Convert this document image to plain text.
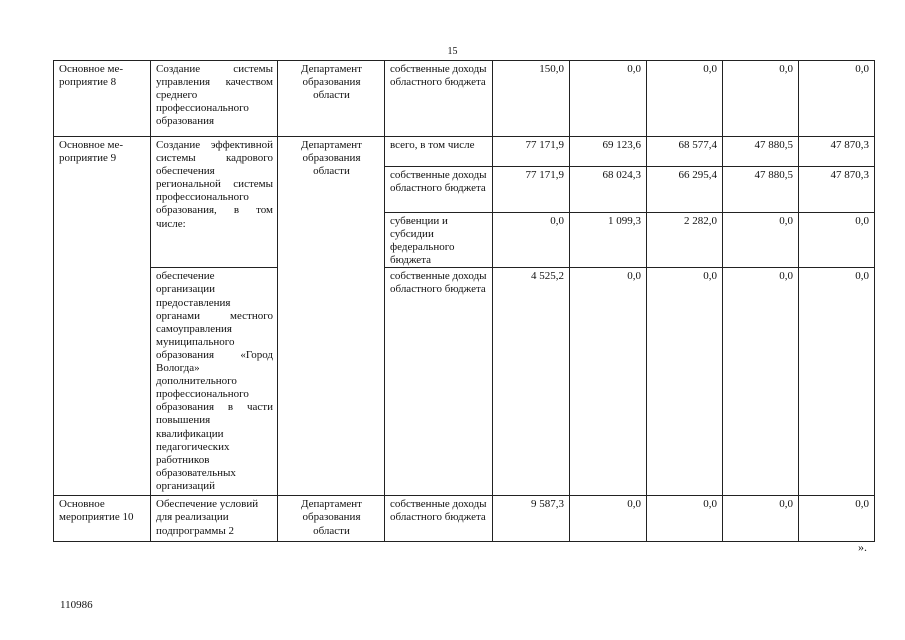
15
Основное ме-роприятие 8	Создание системы управления качеством среднего профессионального образования	Департамент образования области	собственные доходы областного бюджета	150,0	0,0	0,0	0,0	0,0
Основное ме-роприятие 9	Создание эффективной системы кадрового обеспечения региональной системы профессионального образования, в том числе:	Департамент образования области	всего, в том числе	77 171,9	69 123,6	68 577,4	47 880,5	47 870,3
			собственные доходы областного бюджета	77 171,9	68 024,3	66 295,4	47 880,5	47 870,3
			субвенции и субсидии федерального бюджета	0,0	1 099,3	2 282,0	0,0	0,0
	обеспечение организации предоставления органами местного самоуправления муниципального образования «Город Вологда» дополнительного профессионального образования в части повышения квалификации педагогических работников образовательных организаций		собственные доходы областного бюджета	4 525,2	0,0	0,0	0,0	0,0
Основное мероприятие 10	Обеспечение условий для реализации подпрограммы 2	Департамент образования области	собственные доходы областного бюджета	9 587,3	0,0	0,0	0,0	0,0
».
110986
